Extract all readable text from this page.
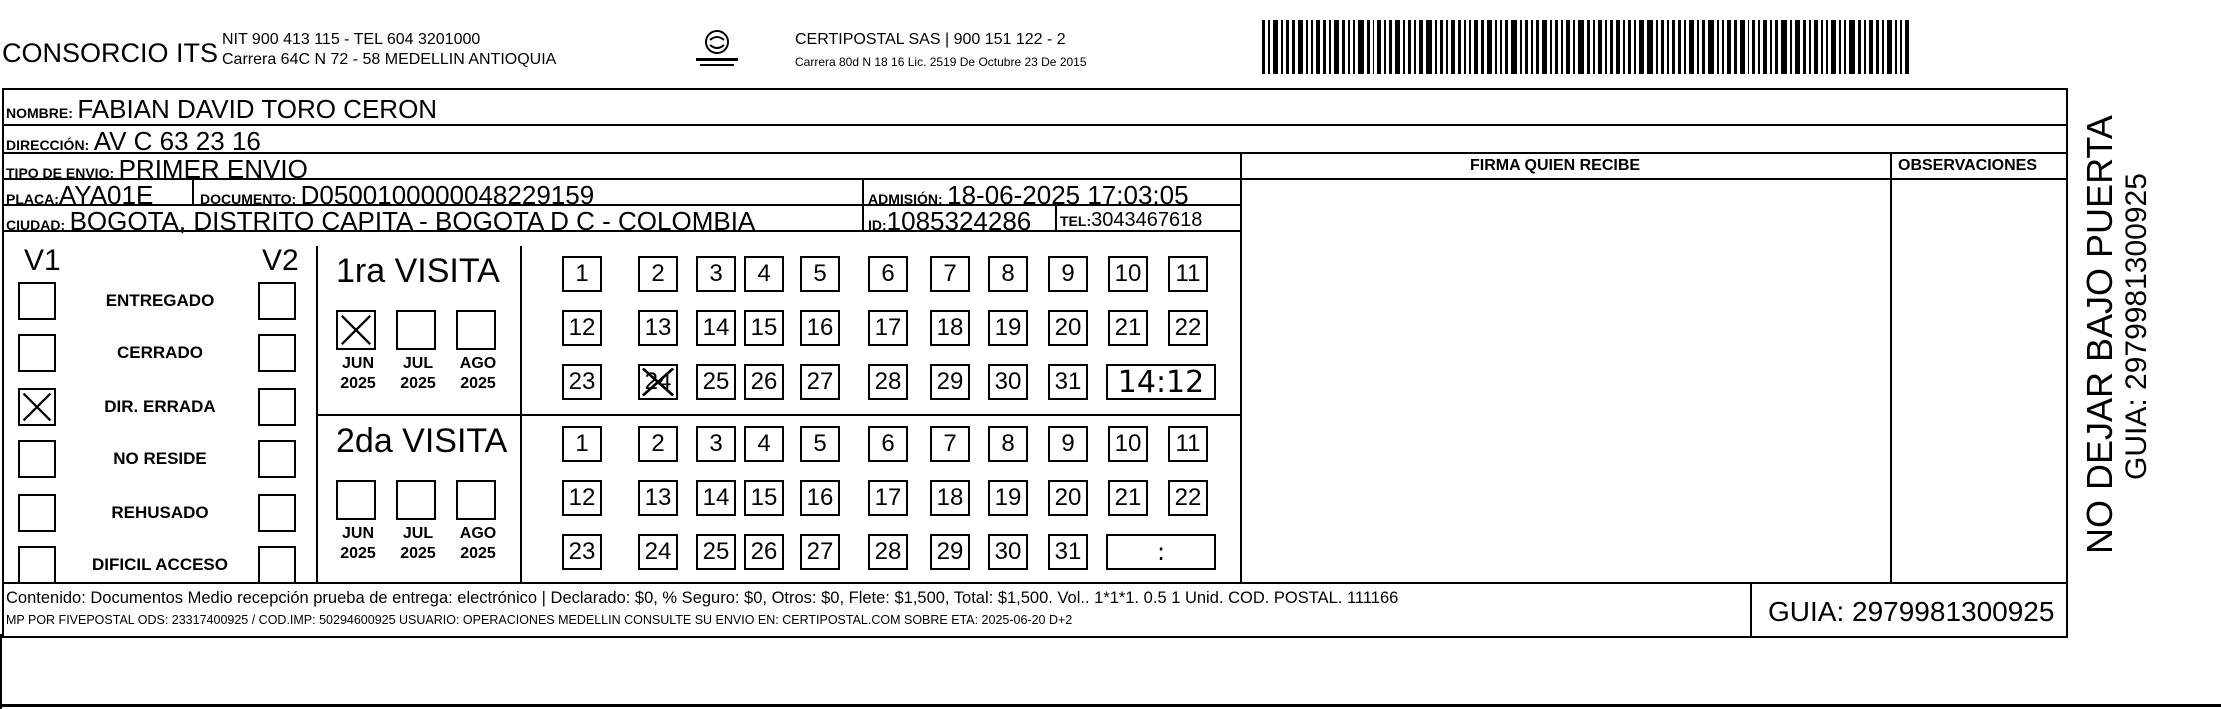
CONSORCIO ITS NIT 900 413 115 - TEL 604 3201000
Carrera 64C N 72 - 58 MEDELLIN ANTIOQUIA
CERTIPOSTAL SAS | 900 151 122 - 2
Carrera 80d N 18 16 Lic. 2519 De Octubre 23 De 2015
NOMBRE: FABIAN DAVID TORO CERON
DIRECCIÓN: AV C 63 23 16
TIPO DE ENVIO: PRIMER ENVIO	FIRMA QUIEN RECIBE	OBSERVACIONES
PLACA:AYA01E	DOCUMENTO: D0500100000048229159	ADMISIÓN: 18-06-2025 17:03:05
CIUDAD: BOGOTA, DISTRITO CAPITA - BOGOTA D C - COLOMBIA	ID:1085324286 TEL:3043467618
V1	V2
ENTREGADO
CERRADO
DIR. ERRADA
NO RESIDE
REHUSADO
DIFICIL ACCESO
1ra VISITA
2da VISITA
JUN
2025
JUL
2025
AGO
2025
1	2 3 4 5 6 7 8 9 10 11
12 13 14 15 16 17 18 19 20 21 22
23 24 25 26 27 28 29 30 31	14:12
JUN
2025
JUL
2025
AGO
2025
1	2 3 4 5 6 7 8 9 10 11
12 13 14 15 16 17 18 19 20 21 22
23 24 25 26 27 28 29 30 31	:
Contenido: Documentos Medio recepción prueba de entrega: electrónico | Declarado: $0, % Seguro: $0, Otros: $0, Flete: $1,500, Total: $1,500. Vol.. 1*1*1. 0.5 1 Unid. COD. POSTAL. 111166
MP POR FIVEPOSTAL ODS: 23317400925 / COD.IMP: 50294600925 USUARIO: OPERACIONES MEDELLIN CONSULTE SU ENVIO EN: CERTIPOSTAL.COM SOBRE ETA: 2025-06-20 D+2	GUIA: 2979981300925
NO DEJAR BAJO PUERTA GUIA: 2979981300925
